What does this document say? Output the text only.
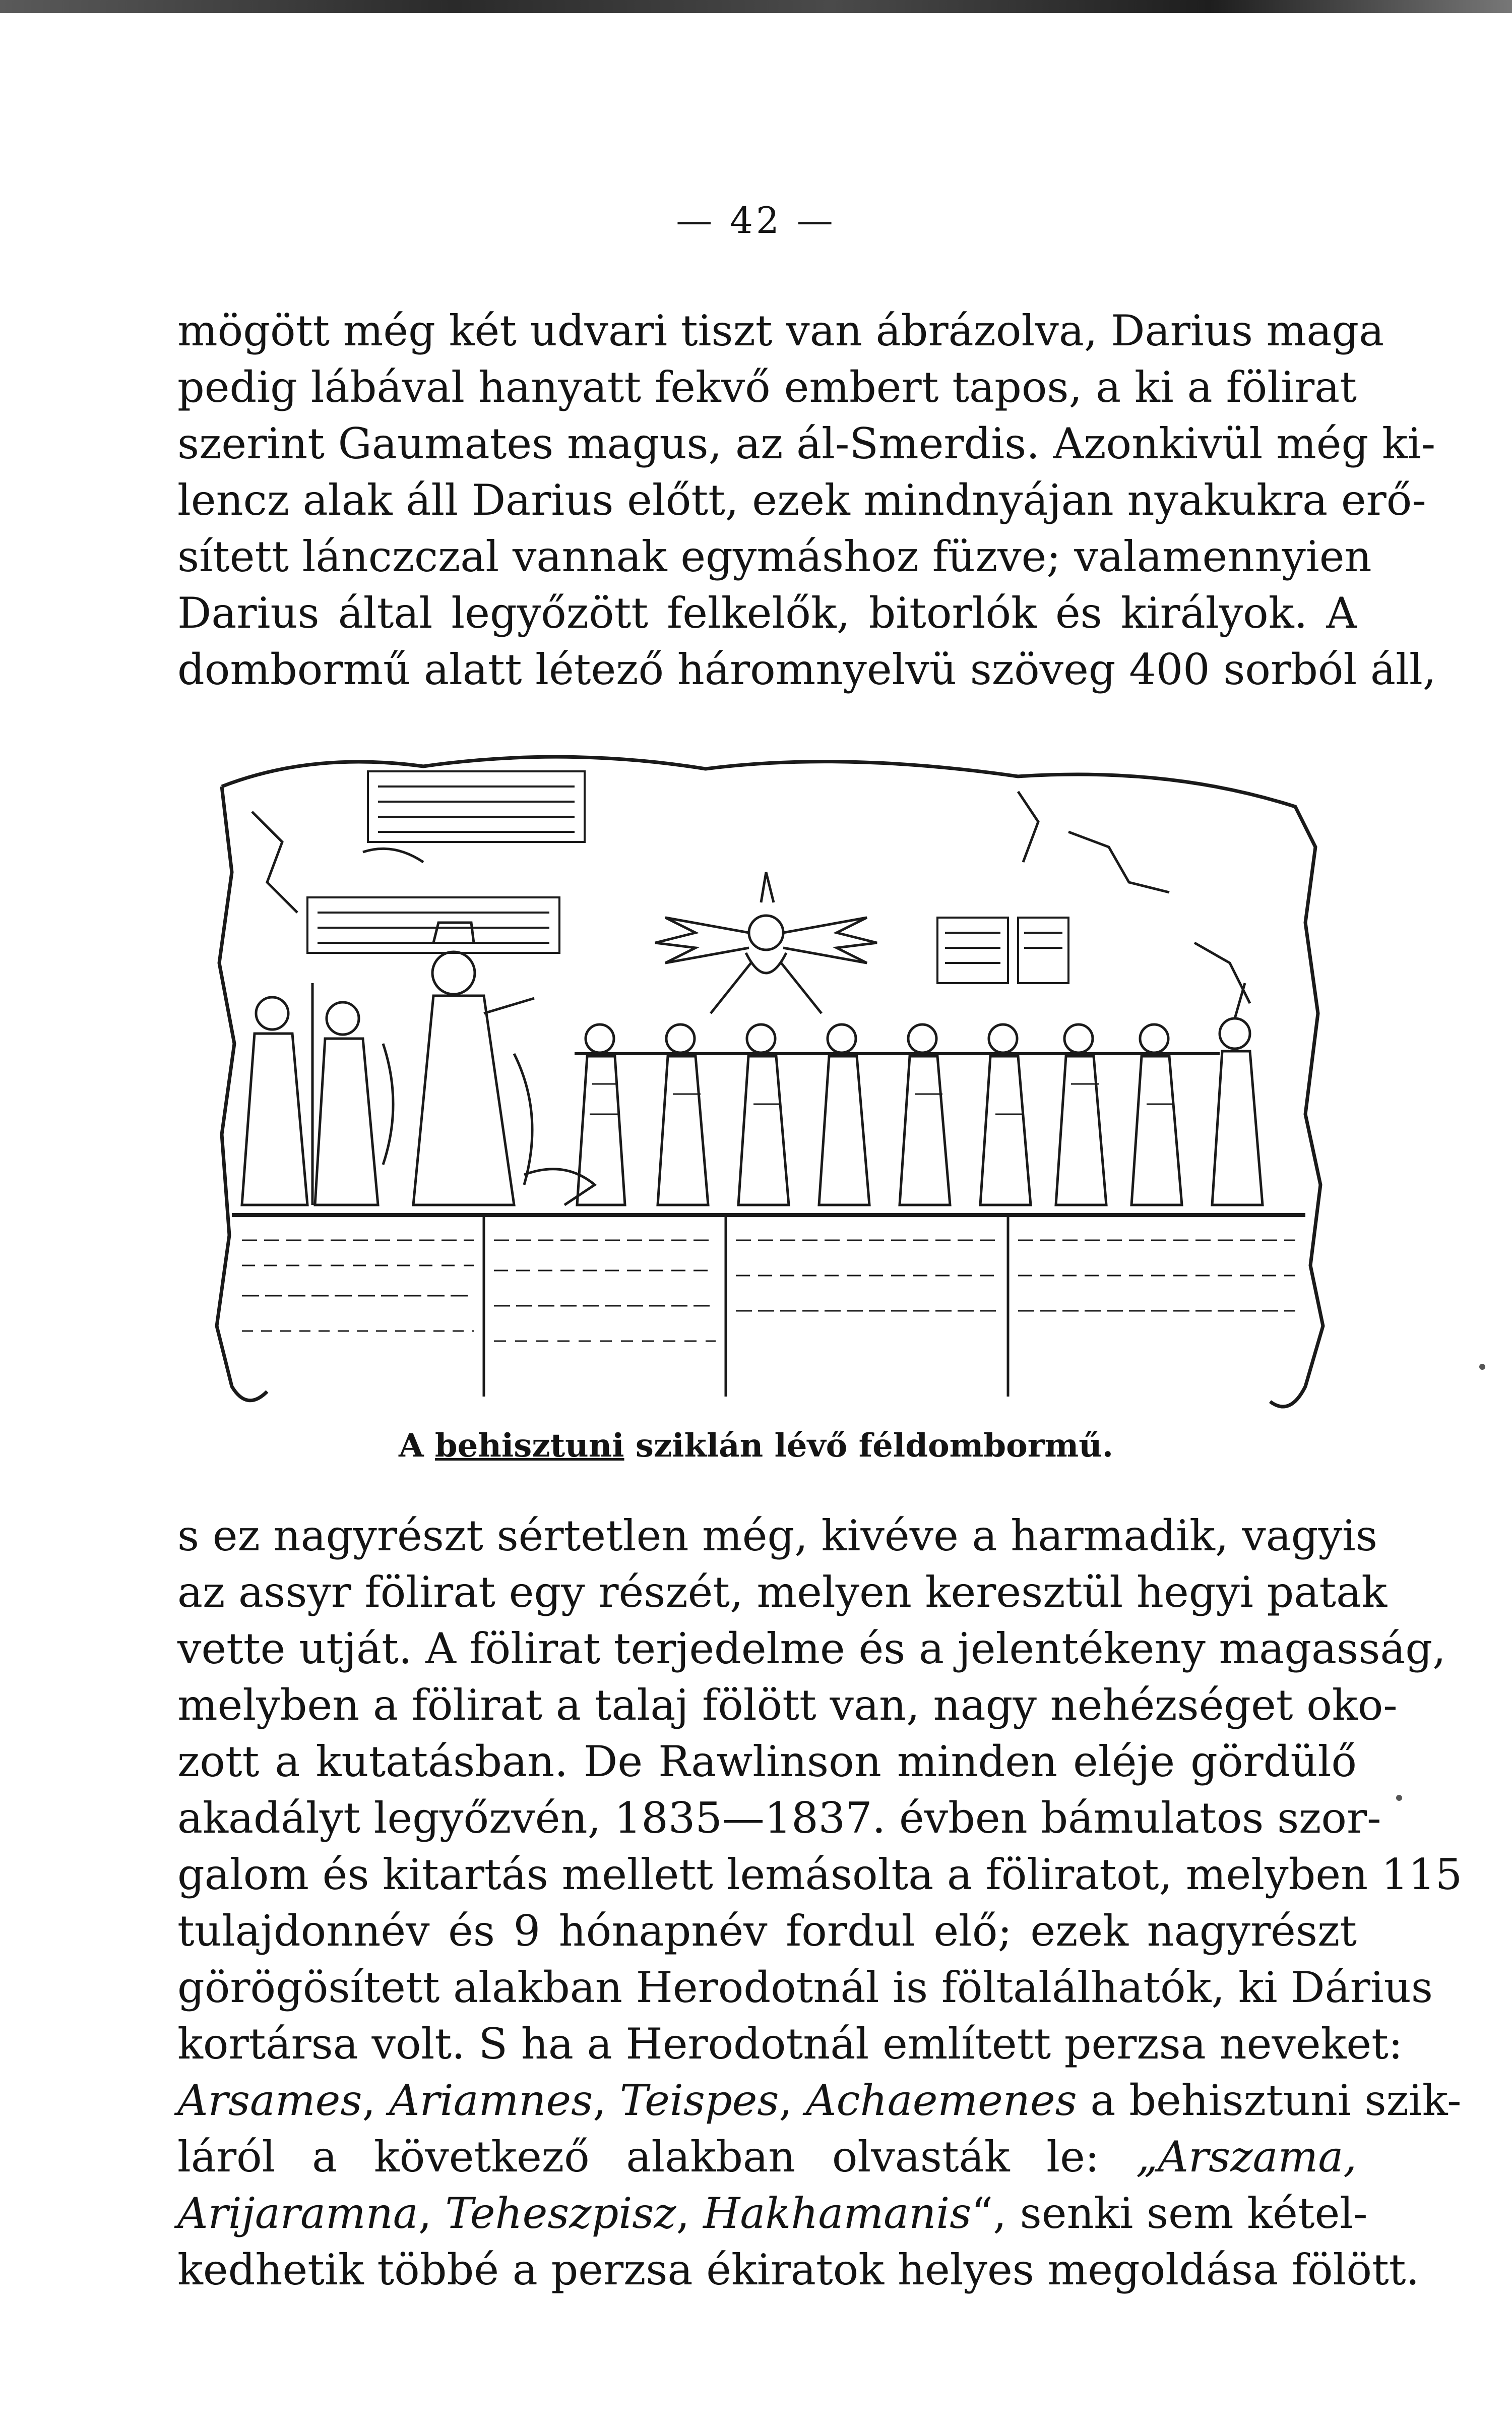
— 42 —
mögött még két udvari tiszt van ábrázolva, Darius maga
pedig lábával hanyatt fekvő embert tapos, a ki a fölirat
szerint Gaumates magus, az ál-Smerdis. Azonkivül még ki-
lencz alak áll Darius előtt, ezek mindnyájan nyakukra erő-
sített lánczczal vannak egymáshoz füzve; valamennyien
Darius által legyőzött felkelők, bitorlók és királyok. A
dombormű alatt létező háromnyelvü szöveg 400 sorból áll,
A behisztuni sziklán lévő féldombormű.
s ez nagyrészt sértetlen még, kivéve a harmadik, vagyis
az assyr fölirat egy részét, melyen keresztül hegyi patak
vette utját. A fölirat terjedelme és a jelentékeny magasság,
melyben a fölirat a talaj fölött van, nagy nehézséget oko-
zott a kutatásban. De Rawlinson minden eléje gördülő
akadályt legyőzvén, 1835—1837. évben bámulatos szor-
galom és kitartás mellett lemásolta a föliratot, melyben 115
tulajdonnév és 9 hónapnév fordul elő; ezek nagyrészt
görögösített alakban Herodotnál is föltalálhatók, ki Dárius
kortársa volt. S ha a Herodotnál említett perzsa neveket:
Arsames, Ariamnes, Teispes, Achaemenes a behisztuni szik-
láról a következő alakban olvasták le: „Arszama,
Arijaramna, Teheszpisz, Hakhamanis“, senki sem kétel-
kedhetik többé a perzsa ékiratok helyes megoldása fölött.
